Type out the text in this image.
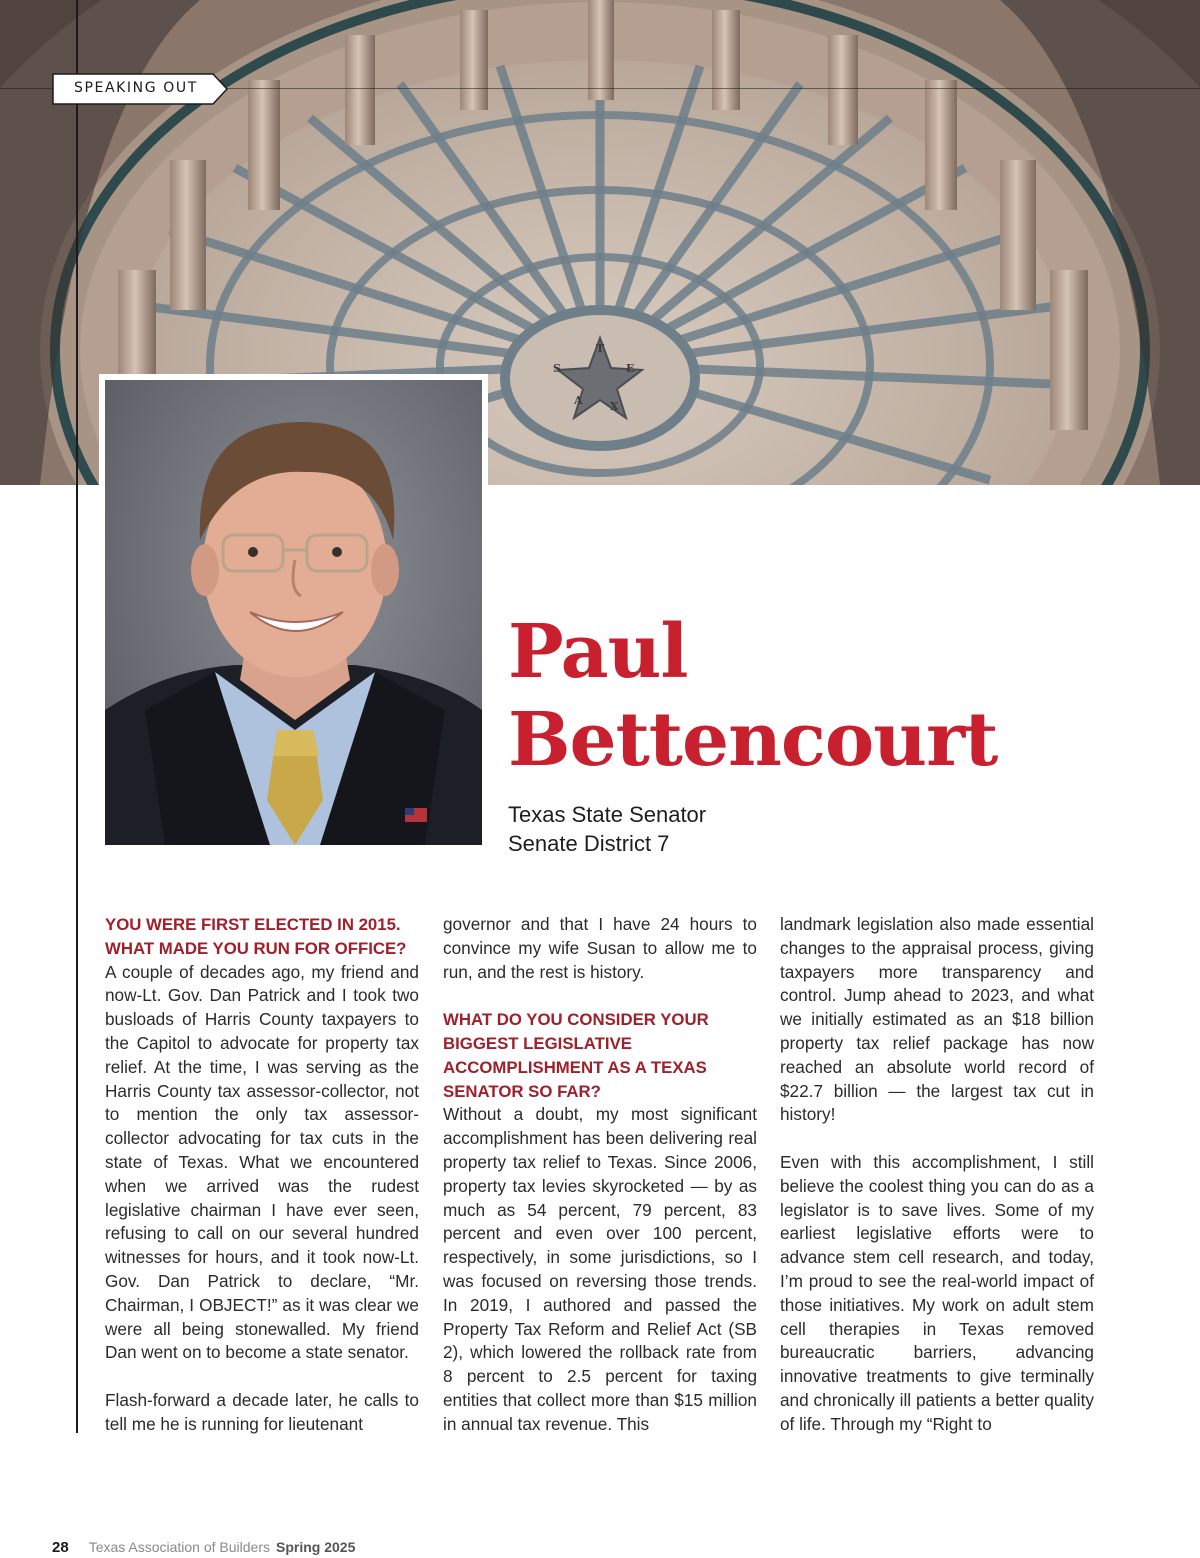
T
E
X
A
S
SPEAKING OUT
Paul
Bettencourt
Texas State Senator
Senate District 7

YOU WERE FIRST ELECTED IN 2015. WHAT MADE YOU RUN FOR OFFICE?

A couple of decades ago, my friend and now-Lt. Gov. Dan Patrick and I took two busloads of Harris County taxpayers to the Capitol to advocate for property tax relief. At the time, I was serving as the Harris County tax assessor-collector, not to mention the only tax assessor-collector advocating for tax cuts in the state of Texas. What we encountered when we arrived was the rudest legislative chairman I have ever seen, refusing to call on our several hundred witnesses for hours, and it took now-Lt. Gov. Dan Patrick to declare, “Mr. Chairman, I OBJECT!” as it was clear we were all being stonewalled. My friend Dan went on to become a state senator.

Flash-forward a decade later, he calls to tell me he is running for lieutenant

governor and that I have 24 hours to convince my wife Susan to allow me to run, and the rest is history.

WHAT DO YOU CONSIDER YOUR BIGGEST LEGISLATIVE ACCOMPLISHMENT AS A TEXAS SENATOR SO FAR?

Without a doubt, my most significant accomplishment has been delivering real property tax relief to Texas. Since 2006, property tax levies skyrocketed — by as much as 54 percent, 79 percent, 83 percent and even over 100 percent, respectively, in some jurisdictions, so I was focused on reversing those trends. In 2019, I authored and passed the Property Tax Reform and Relief Act (SB 2), which lowered the rollback rate from 8 percent to 2.5 percent for taxing entities that collect more than $15 million in annual tax revenue. This

landmark legislation also made essential changes to the appraisal process, giving taxpayers more transparency and control. Jump ahead to 2023, and what we initially estimated as an $18 billion property tax relief package has now reached an absolute world record of $22.7 billion — the largest tax cut in history!

Even with this accomplishment, I still believe the coolest thing you can do as a legislator is to save lives. Some of my earliest legislative efforts were to advance stem cell research, and today, I’m proud to see the real-world impact of those initiatives. My work on adult stem cell therapies in Texas removed bureaucratic barriers, advancing innovative treatments to give terminally and chronically ill patients a better quality of life. Through my “Right to

28 Texas Association of Builders Spring 2025
